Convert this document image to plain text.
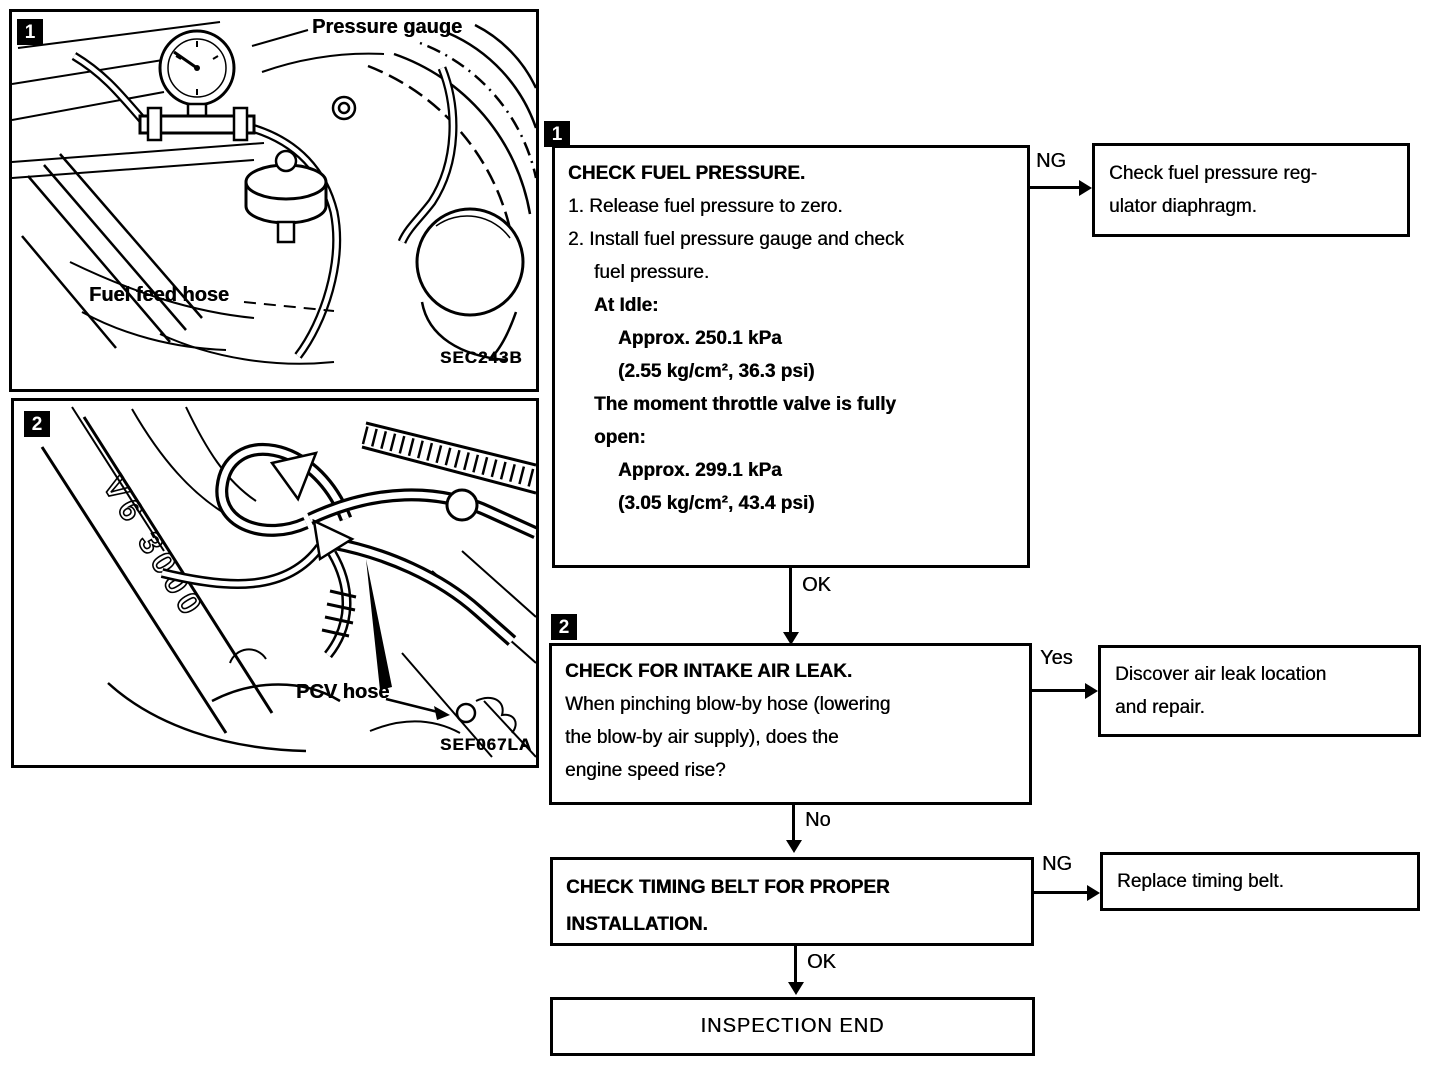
1	Pressure gauge
Fuel feed hose
SEC243B
V6 3000
2
PCV hose
SEF067LA
1
CHECK FUEL PRESSURE.
1. Release fuel pressure to zero.
2. Install fuel pressure gauge and check
fuel pressure.
At Idle:
Approx. 250.1 kPa
(2.55 kg/cm², 36.3 psi)
The moment throttle valve is fully
open:
Approx. 299.1 kPa
(3.05 kg/cm², 43.4 psi)
NG
Check fuel pressure reg-
ulator diaphragm.
OK
2
CHECK FOR INTAKE AIR LEAK.
When pinching blow-by hose (lowering
the blow-by air supply), does the
engine speed rise?
Yes
Discover air leak location
and repair.
No
CHECK TIMING BELT FOR PROPER
INSTALLATION.
NG
Replace timing belt.
OK
INSPECTION END
